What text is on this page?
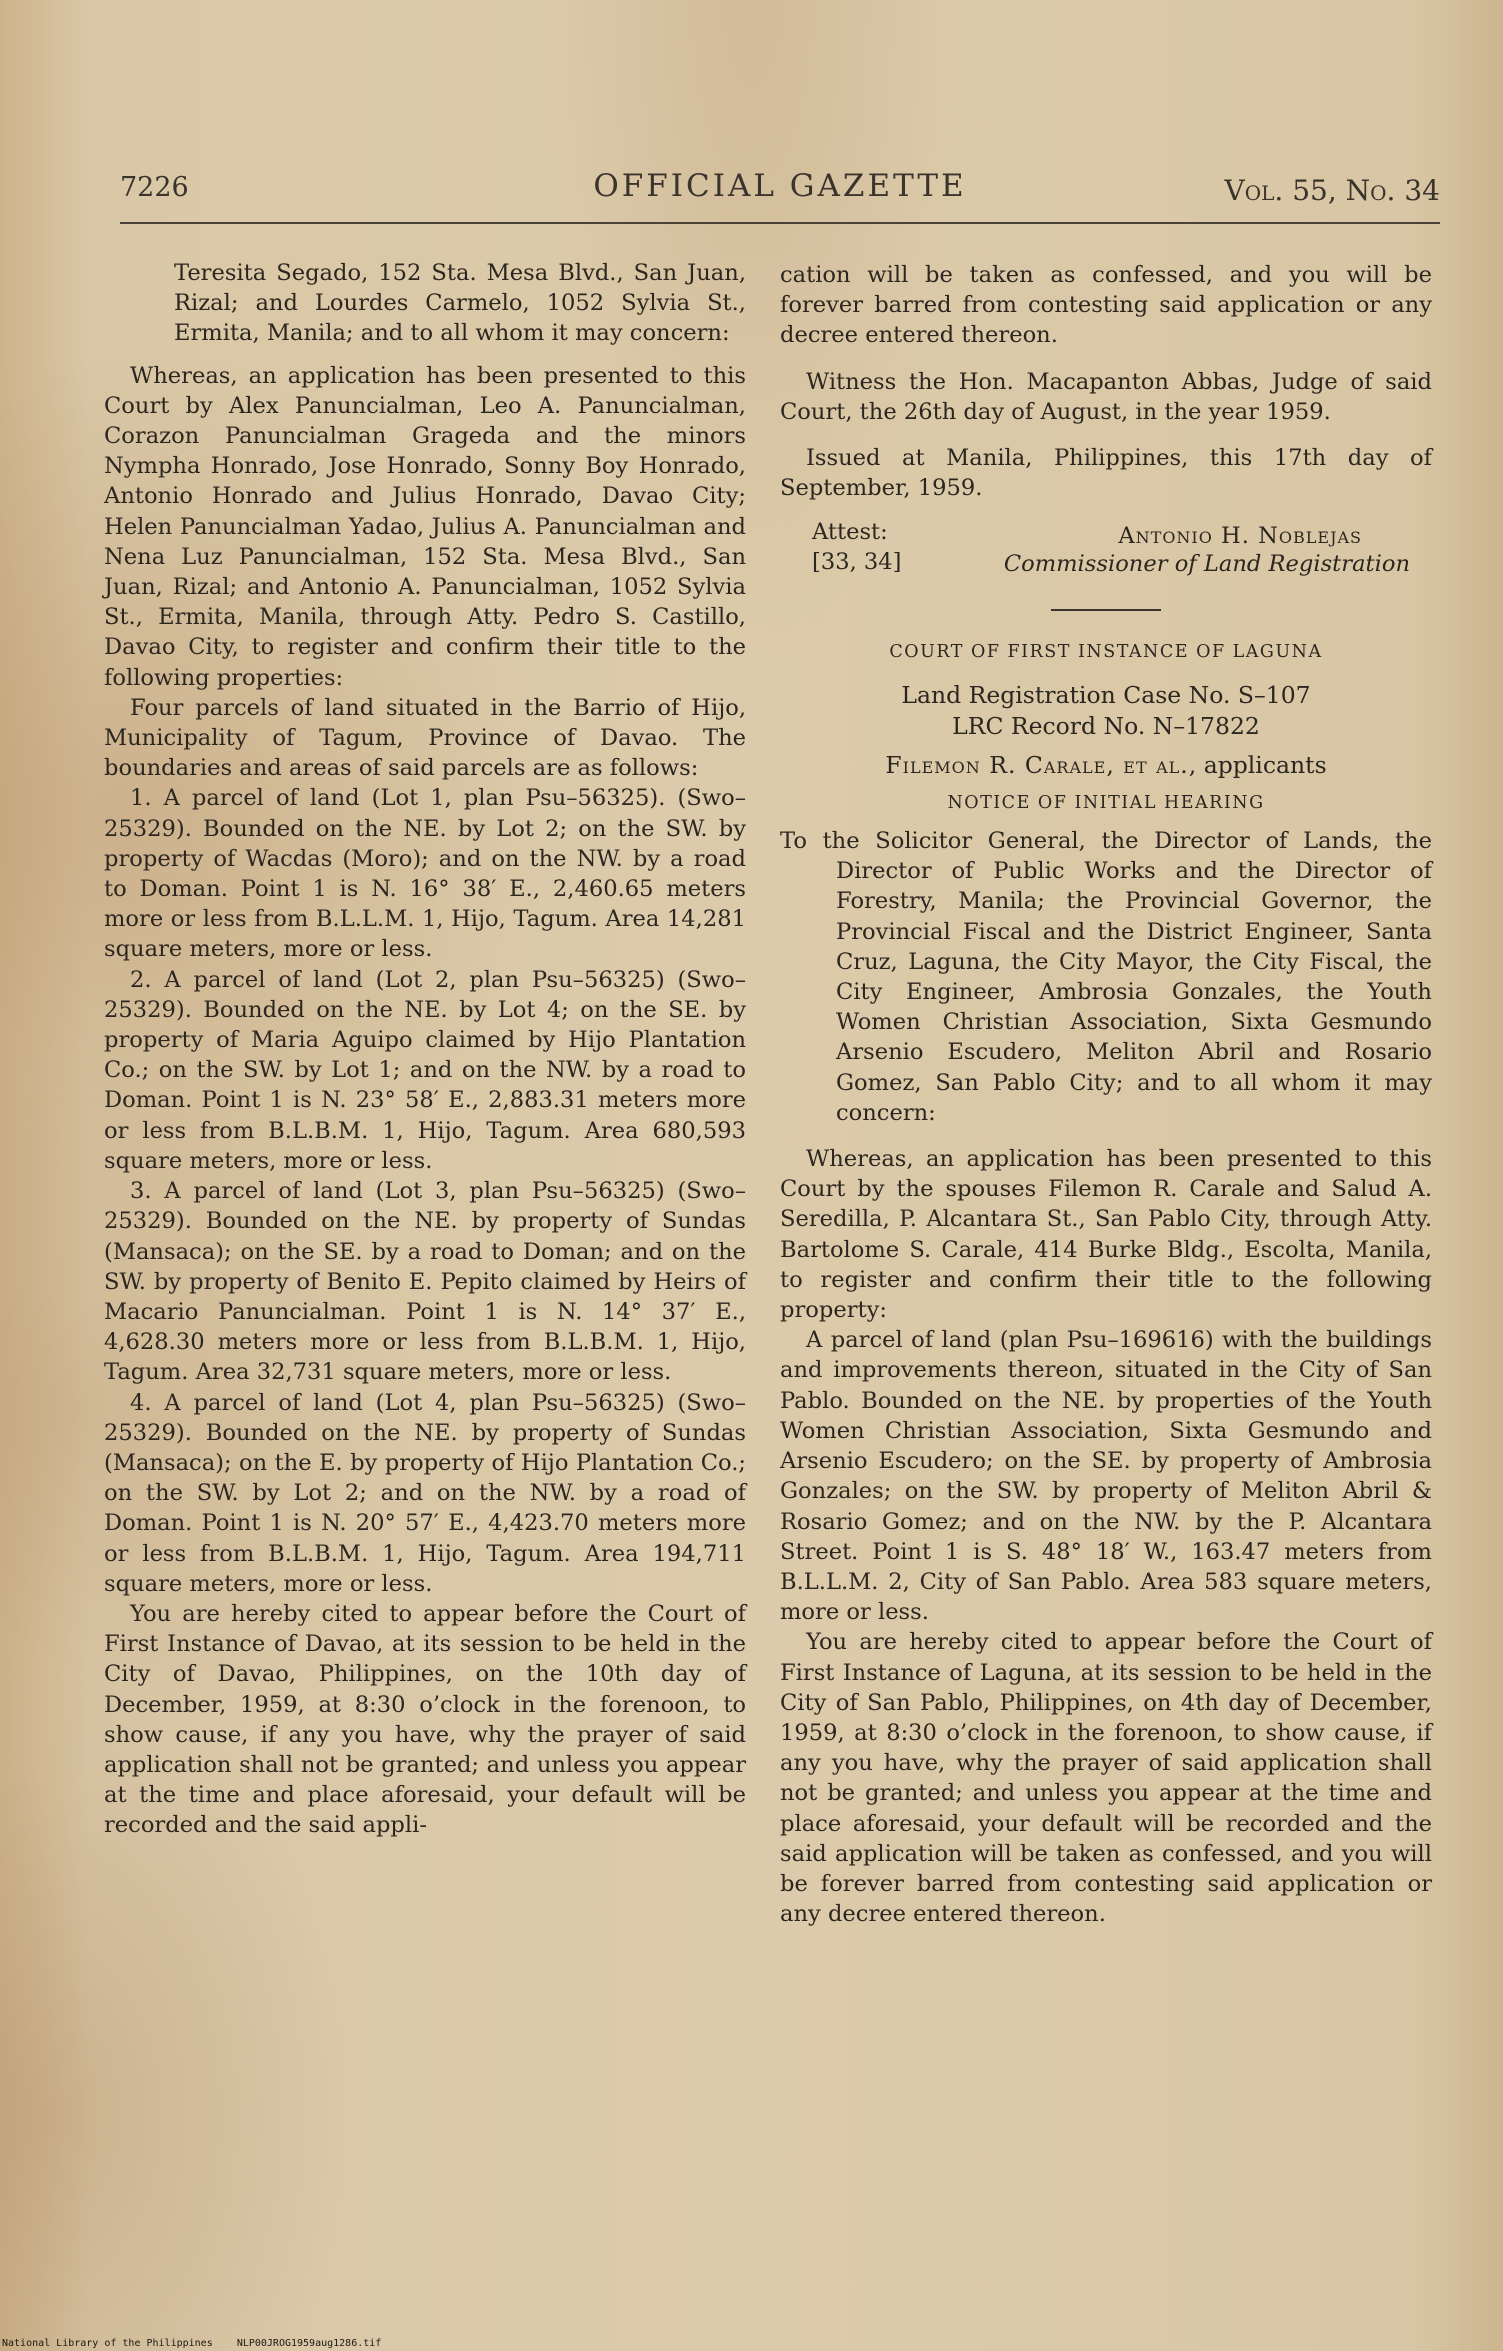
7226	OFFICIAL GAZETTE	Vol. 55, No. 34

Teresita Segado, 152 Sta. Mesa Blvd., San Juan, Rizal; and Lourdes Carmelo, 1052 Sylvia St., Ermita, Manila; and to all whom it may concern:

Whereas, an application has been presented to this Court by Alex Panuncialman, Leo A. Panuncialman, Corazon Panuncialman Grageda and the minors Nympha Honrado, Jose Honrado, Sonny Boy Honrado, Antonio Honrado and Julius Honrado, Davao City; Helen Panuncialman Yadao, Julius A. Panuncialman and Nena Luz Panuncialman, 152 Sta. Mesa Blvd., San Juan, Rizal; and Antonio A. Panuncialman, 1052 Sylvia St., Ermita, Manila, through Atty. Pedro S. Castillo, Davao City, to register and confirm their title to the following properties:

Four parcels of land situated in the Barrio of Hijo, Municipality of Tagum, Province of Davao. The boundaries and areas of said parcels are as follows:

1. A parcel of land (Lot 1, plan Psu–56325). (Swo–25329). Bounded on the NE. by Lot 2; on the SW. by property of Wacdas (Moro); and on the NW. by a road to Doman. Point 1 is N. 16° 38′ E., 2,460.65 meters more or less from B.L.L.M. 1, Hijo, Tagum. Area 14,281 square meters, more or less.

2. A parcel of land (Lot 2, plan Psu–56325) (Swo–25329). Bounded on the NE. by Lot 4; on the SE. by property of Maria Aguipo claimed by Hijo Plantation Co.; on the SW. by Lot 1; and on the NW. by a road to Doman. Point 1 is N. 23° 58′ E., 2,883.31 meters more or less from B.L.B.M. 1, Hijo, Tagum. Area 680,593 square meters, more or less.

3. A parcel of land (Lot 3, plan Psu–56325) (Swo–25329). Bounded on the NE. by property of Sundas (Mansaca); on the SE. by a road to Doman; and on the SW. by property of Benito E. Pepito claimed by Heirs of Macario Panuncialman. Point 1 is N. 14° 37′ E., 4,628.30 meters more or less from B.L.B.M. 1, Hijo, Tagum. Area 32,731 square meters, more or less.

4. A parcel of land (Lot 4, plan Psu–56325) (Swo–25329). Bounded on the NE. by property of Sundas (Mansaca); on the E. by property of Hijo Plantation Co.; on the SW. by Lot 2; and on the NW. by a road of Doman. Point 1 is N. 20° 57′ E., 4,423.70 meters more or less from B.L.B.M. 1, Hijo, Tagum. Area 194,711 square meters, more or less.

You are hereby cited to appear before the Court of First Instance of Davao, at its session to be held in the City of Davao, Philippines, on the 10th day of December, 1959, at 8:30 o’clock in the forenoon, to show cause, if any you have, why the prayer of said application shall not be granted; and unless you appear at the time and place aforesaid, your default will be recorded and the said appli-

cation will be taken as confessed, and you will be forever barred from contesting said application or any decree entered thereon.

Witness the Hon. Macapanton Abbas, Judge of said Court, the 26th day of August, in the year 1959.

Issued at Manila, Philippines, this 17th day of September, 1959.

Attest:
[33, 34]
Antonio H. Noblejas
Commissioner of Land Registration

COURT OF FIRST INSTANCE OF LAGUNA

Land Registration Case No. S–107

LRC Record No. N–17822

Filemon R. Carale, et al., applicants

NOTICE OF INITIAL HEARING

To the Solicitor General, the Director of Lands, the Director of Public Works and the Director of Forestry, Manila; the Provincial Governor, the Provincial Fiscal and the District Engineer, Santa Cruz, Laguna, the City Mayor, the City Fiscal, the City Engineer, Ambrosia Gonzales, the Youth Women Christian Association, Sixta Gesmundo Arsenio Escudero, Meliton Abril and Rosario Gomez, San Pablo City; and to all whom it may concern:

Whereas, an application has been presented to this Court by the spouses Filemon R. Carale and Salud A. Seredilla, P. Alcantara St., San Pablo City, through Atty. Bartolome S. Carale, 414 Burke Bldg., Escolta, Manila, to register and confirm their title to the following property:

A parcel of land (plan Psu–169616) with the buildings and improvements thereon, situated in the City of San Pablo. Bounded on the NE. by properties of the Youth Women Christian Association, Sixta Gesmundo and Arsenio Escudero; on the SE. by property of Ambrosia Gonzales; on the SW. by property of Meliton Abril & Rosario Gomez; and on the NW. by the P. Alcantara Street. Point 1 is S. 48° 18′ W., 163.47 meters from B.L.L.M. 2, City of San Pablo. Area 583 square meters, more or less.

You are hereby cited to appear before the Court of First Instance of Laguna, at its session to be held in the City of San Pablo, Philippines, on 4th day of December, 1959, at 8:30 o’clock in the forenoon, to show cause, if any you have, why the prayer of said application shall not be granted; and unless you appear at the time and place aforesaid, your default will be recorded and the said application will be taken as confessed, and you will be forever barred from contesting said application or any decree entered thereon.

National Library of the Philippines NLP00JROG1959aug1286.tif
